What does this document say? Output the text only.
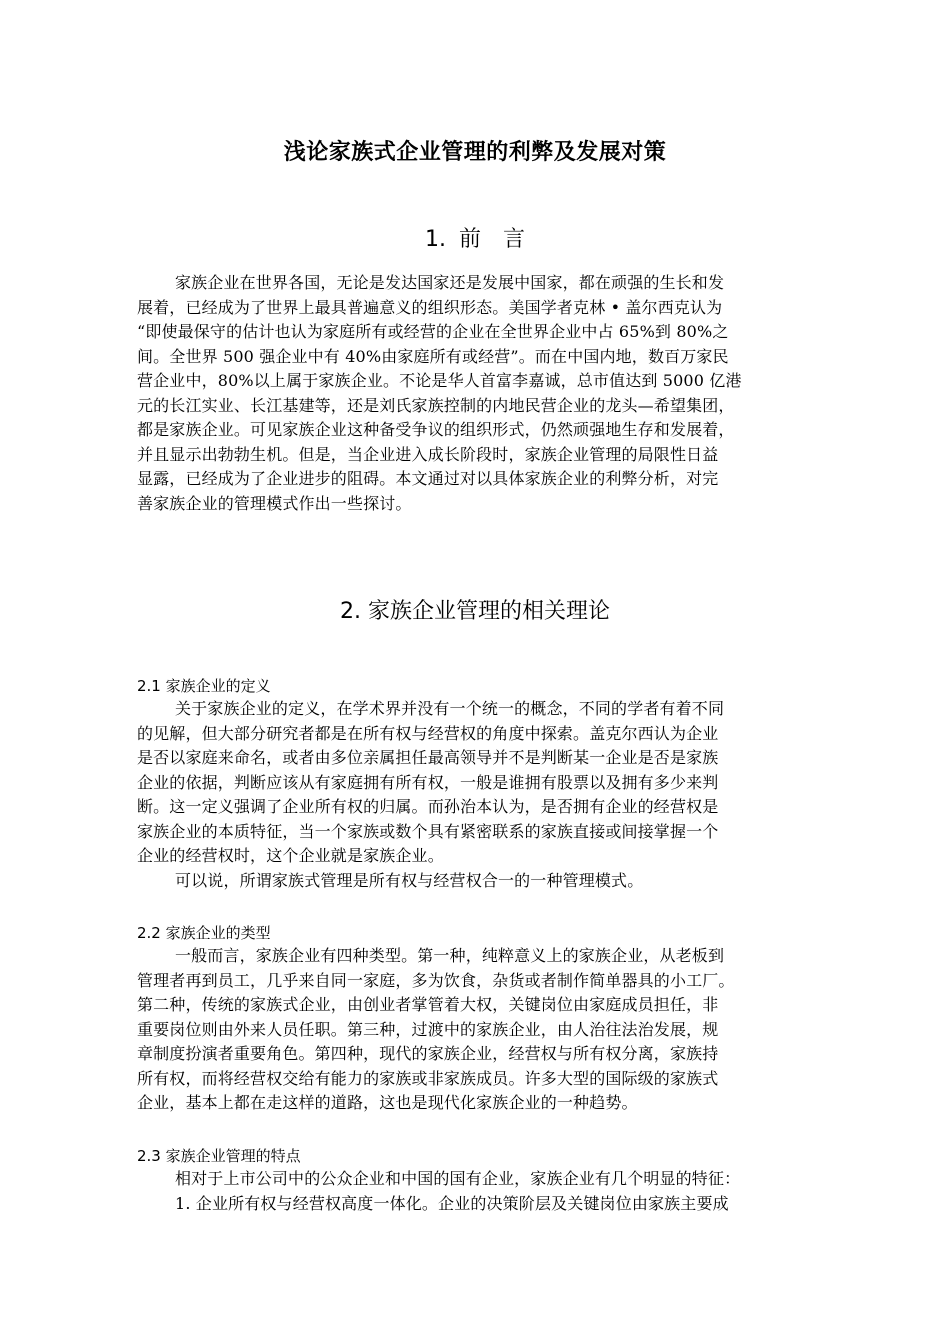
浅论家族式企业管理的利弊及发展对策
1. 前　言
家族企业在世界各国，无论是发达国家还是发展中国家，都在顽强的生长和发
展着，已经成为了世界上最具普遍意义的组织形态。美国学者克林 • 盖尔西克认为
“即使最保守的估计也认为家庭所有或经营的企业在全世界企业中占 65%到 80%之
间。全世界 500 强企业中有 40%由家庭所有或经营”。而在中国内地，数百万家民
营企业中，80%以上属于家族企业。不论是华人首富李嘉诚，总市值达到 5000 亿港
元的长江实业、长江基建等，还是刘氏家族控制的内地民营企业的龙头—希望集团，
都是家族企业。可见家族企业这种备受争议的组织形式，仍然顽强地生存和发展着，
并且显示出勃勃生机。但是，当企业进入成长阶段时，家族企业管理的局限性日益
显露，已经成为了企业进步的阻碍。本文通过对以具体家族企业的利弊分析，对完
善家族企业的管理模式作出一些探讨。
2. 家族企业管理的相关理论
2.1 家族企业的定义
关于家族企业的定义，在学术界并没有一个统一的概念，不同的学者有着不同
的见解，但大部分研究者都是在所有权与经营权的角度中探索。盖克尔西认为企业
是否以家庭来命名，或者由多位亲属担任最高领导并不是判断某一企业是否是家族
企业的依据，判断应该从有家庭拥有所有权，一般是谁拥有股票以及拥有多少来判
断。这一定义强调了企业所有权的归属。而孙治本认为，是否拥有企业的经营权是
家族企业的本质特征，当一个家族或数个具有紧密联系的家族直接或间接掌握一个
企业的经营权时，这个企业就是家族企业。
可以说，所谓家族式管理是所有权与经营权合一的一种管理模式。
2.2 家族企业的类型
一般而言，家族企业有四种类型。第一种，纯粹意义上的家族企业，从老板到
管理者再到员工，几乎来自同一家庭，多为饮食，杂货或者制作简单器具的小工厂。
第二种，传统的家族式企业，由创业者掌管着大权，关键岗位由家庭成员担任，非
重要岗位则由外来人员任职。第三种，过渡中的家族企业，由人治往法治发展，规
章制度扮演者重要角色。第四种，现代的家族企业，经营权与所有权分离，家族持
所有权，而将经营权交给有能力的家族或非家族成员。许多大型的国际级的家族式
企业，基本上都在走这样的道路，这也是现代化家族企业的一种趋势。
2.3 家族企业管理的特点
相对于上市公司中的公众企业和中国的国有企业，家族企业有几个明显的特征：
1. 企业所有权与经营权高度一体化。企业的决策阶层及关键岗位由家族主要成
